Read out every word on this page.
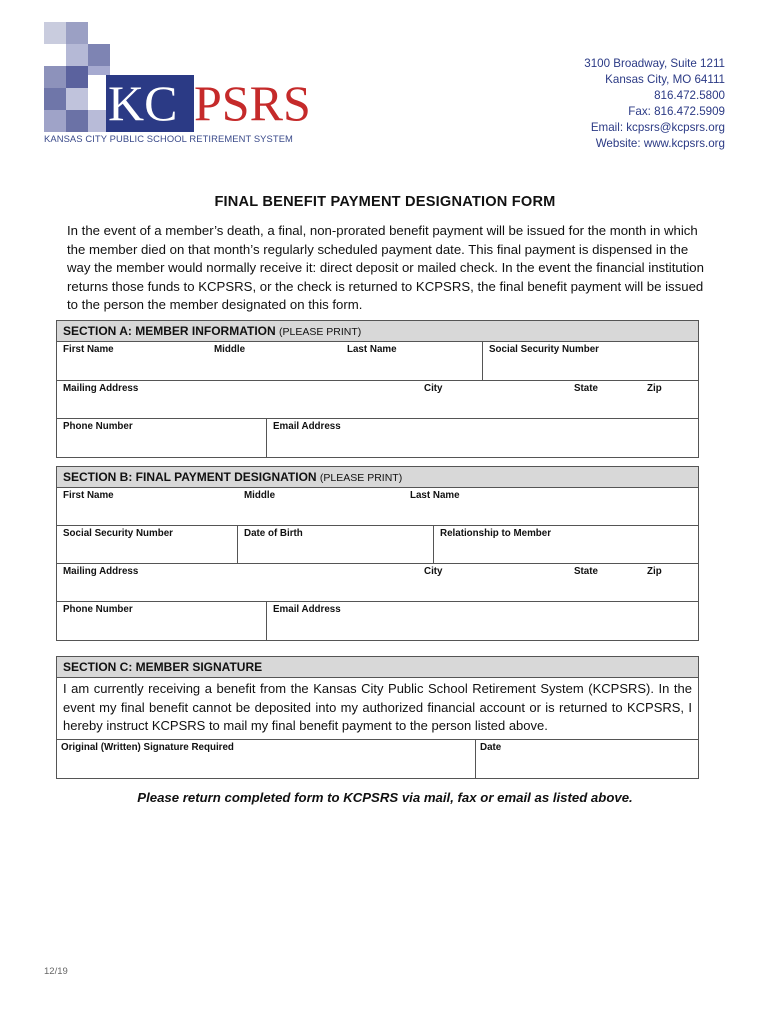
KC PSRS
KANSAS CITY PUBLIC SCHOOL RETIREMENT SYSTEM
3100 Broadway, Suite 1211
Kansas City, MO 64111
816.472.5800
Fax: 816.472.5909
Email: kcpsrs@kcpsrs.org
Website: www.kcpsrs.org
FINAL BENEFIT PAYMENT DESIGNATION FORM
In the event of a member’s death, a final, non-prorated benefit payment will be issued for the month in which the member died on that month’s regularly scheduled payment date. This final payment is dispensed in the way the member would normally receive it: direct deposit or mailed check. In the event the financial institution returns those funds to KCPSRS, or the check is returned to KCPSRS, the final benefit payment will be issued to the person the member designated on this form.
SECTION A: MEMBER INFORMATION (PLEASE PRINT)
First Name	Middle	Last Name	Social Security Number
Mailing Address	City	State	Zip
Phone Number	Email Address
SECTION B: FINAL PAYMENT DESIGNATION (PLEASE PRINT)
First Name	Middle	Last Name
Social Security Number	Date of Birth	Relationship to Member
Mailing Address	City	State	Zip
Phone Number	Email Address
SECTION C: MEMBER SIGNATURE
I am currently receiving a benefit from the Kansas City Public School Retirement System (KCPSRS). In the event my final benefit cannot be deposited into my authorized financial account or is returned to KCPSRS, I hereby instruct KCPSRS to mail my final benefit payment to the person listed above.
Original (Written) Signature Required	Date
Please return completed form to KCPSRS via mail, fax or email as listed above.
12/19
